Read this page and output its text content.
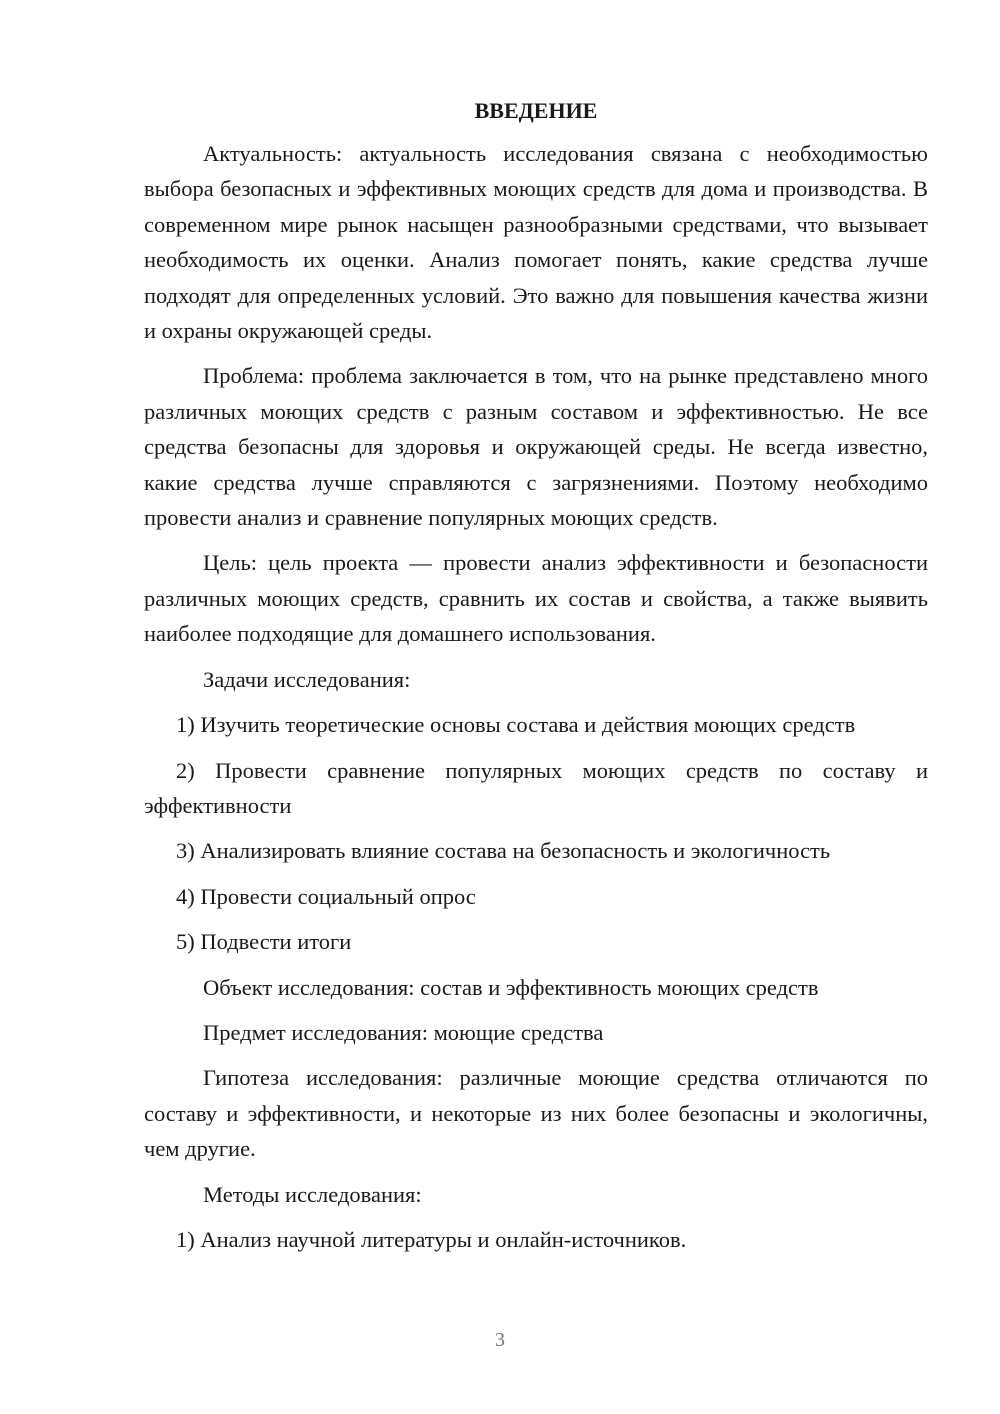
ВВЕДЕНИЕ

Актуальность: актуальность исследования связана с необходимостью выбора безопасных и эффективных моющих средств для дома и производства. В современном мире рынок насыщен разнообразными средствами, что вызывает необходимость их оценки. Анализ помогает понять, какие средства лучше подходят для определенных условий. Это важно для повышения качества жизни и охраны окружающей среды.

Проблема: проблема заключается в том, что на рынке представлено много различных моющих средств с разным составом и эффективностью. Не все средства безопасны для здоровья и окружающей среды. Не всегда известно, какие средства лучше справляются с загрязнениями. Поэтому необходимо провести анализ и сравнение популярных моющих средств.

Цель: цель проекта — провести анализ эффективности и безопасности различных моющих средств, сравнить их состав и свойства, а также выявить наиболее подходящие для домашнего использования.

Задачи исследования:

1) Изучить теоретические основы состава и действия моющих средств

2) Провести сравнение популярных моющих средств по составу и эффективности

3) Анализировать влияние состава на безопасность и экологичность

4) Провести социальный опрос

5) Подвести итоги

Объект исследования: состав и эффективность моющих средств

Предмет исследования: моющие средства

Гипотеза исследования: различные моющие средства отличаются по составу и эффективности, и некоторые из них более безопасны и экологичны, чем другие.

Методы исследования:

1) Анализ научной литературы и онлайн-источников.

3
